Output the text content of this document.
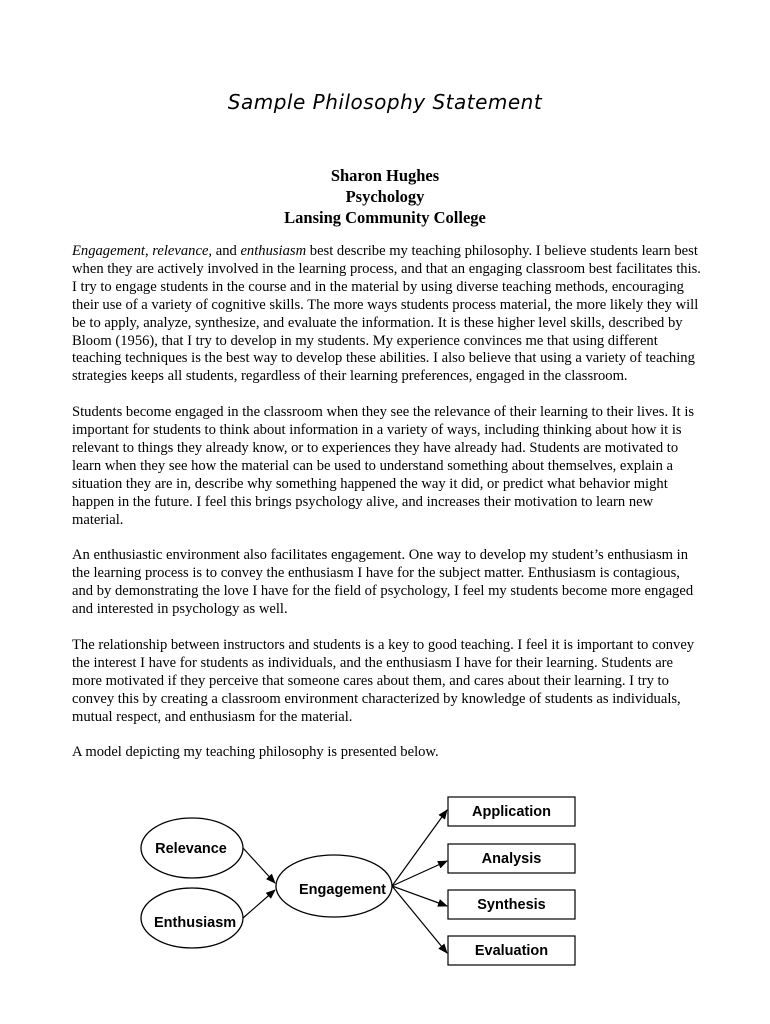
Sample Philosophy Statement
Sharon Hughes
Psychology
Lansing Community College

Engagement, relevance, and enthusiasm best describe my teaching philosophy. I believe students learn best when they are actively involved in the learning process, and that an engaging classroom best facilitates this. I try to engage students in the course and in the material by using diverse teaching methods, encouraging their use of a variety of cognitive skills. The more ways students process material, the more likely they will be to apply, analyze, synthesize, and evaluate the information. It is these higher level skills, described by Bloom (1956), that I try to develop in my students. My experience convinces me that using different teaching techniques is the best way to develop these abilities. I also believe that using a variety of teaching strategies keeps all students, regardless of their learning preferences, engaged in the classroom.

Students become engaged in the classroom when they see the relevance of their learning to their lives. It is important for students to think about information in a variety of ways, including thinking about how it is relevant to things they already know, or to experiences they have already had. Students are motivated to learn when they see how the material can be used to understand something about themselves, explain a situation they are in, describe why something happened the way it did, or predict what behavior might happen in the future. I feel this brings psychology alive, and increases their motivation to learn new material.

An enthusiastic environment also facilitates engagement. One way to develop my student’s enthusiasm in the learning process is to convey the enthusiasm I have for the subject matter. Enthusiasm is contagious, and by demonstrating the love I have for the field of psychology, I feel my students become more engaged and interested in psychology as well.

The relationship between instructors and students is a key to good teaching. I feel it is important to convey the interest I have for students as individuals, and the enthusiasm I have for their learning. Students are more motivated if they perceive that someone cares about them, and cares about their learning. I try to convey this by creating a classroom environment characterized by knowledge of students as individuals, mutual respect, and enthusiasm for the material.

A model depicting my teaching philosophy is presented below.

Relevance
Enthusiasm
Engagement
Application
Analysis
Synthesis
Evaluation
